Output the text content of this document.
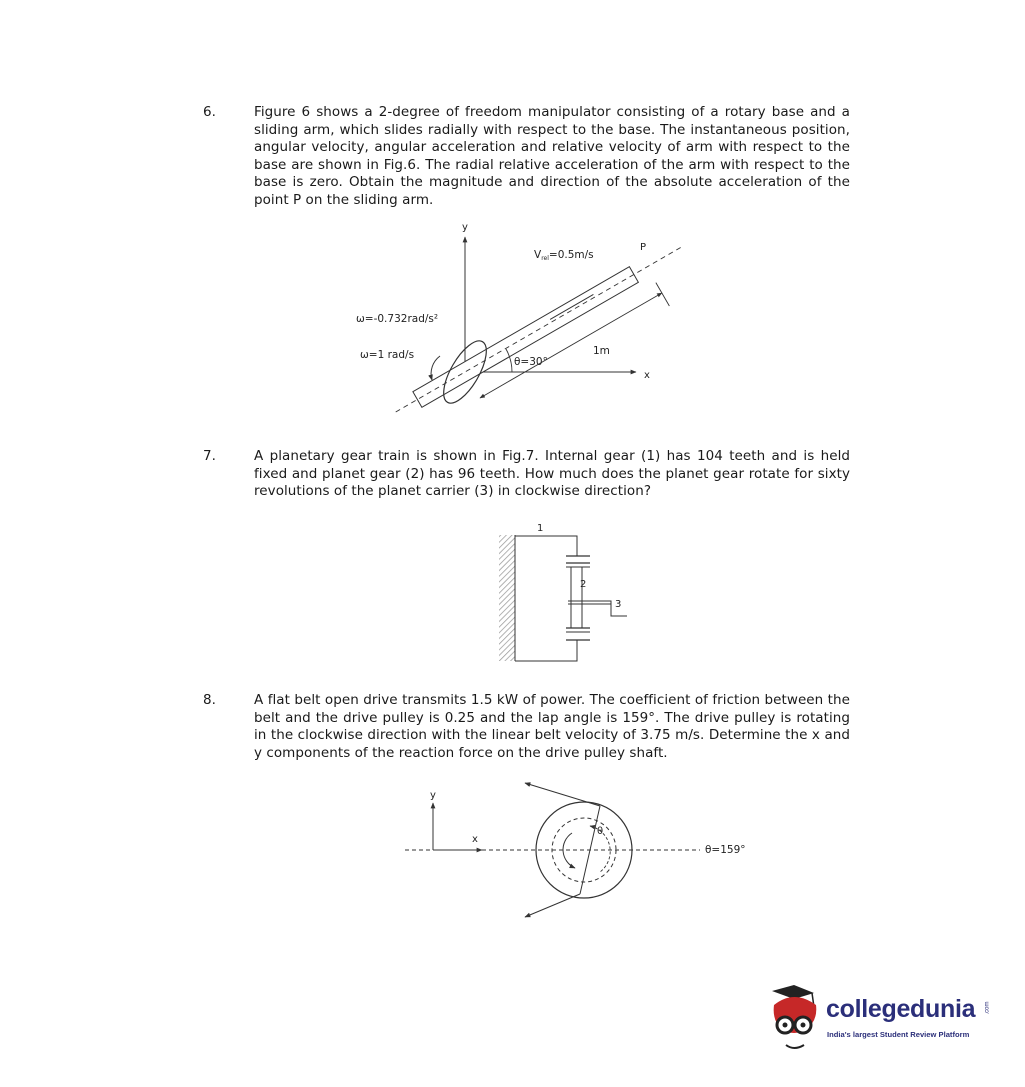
6.	Figure 6 shows a 2-degree of freedom manipulator consisting of a rotary base and a sliding arm, which slides radially with respect to the base. The instantaneous position, angular velocity, angular acceleration and relative velocity of arm with respect to the base are shown in Fig.6. The radial relative acceleration of the arm with respect to the base is zero. Obtain the magnitude and direction of the absolute acceleration of the point P on the sliding arm.
y
x
P
Vrel=0.5m/s
ω=-0.732rad/s²
ω=1 rad/s
θ=30°
1m
7.	A planetary gear train is shown in Fig.7. Internal gear (1) has 104 teeth and is held fixed and planet gear (2) has 96 teeth. How much does the planet gear rotate for sixty revolutions of the planet carrier (3) in clockwise direction?
1
2
3
8.	A flat belt open drive transmits 1.5 kW of power. The coefficient of friction between the belt and the drive pulley is 0.25 and the lap angle is 159°. The drive pulley is rotating in the clockwise direction with the linear belt velocity of 3.75 m/s. Determine the x and y components of the reaction force on the drive pulley shaft.
y
x
θ
θ=159°
collegedunia .com
India's largest Student Review Platform
